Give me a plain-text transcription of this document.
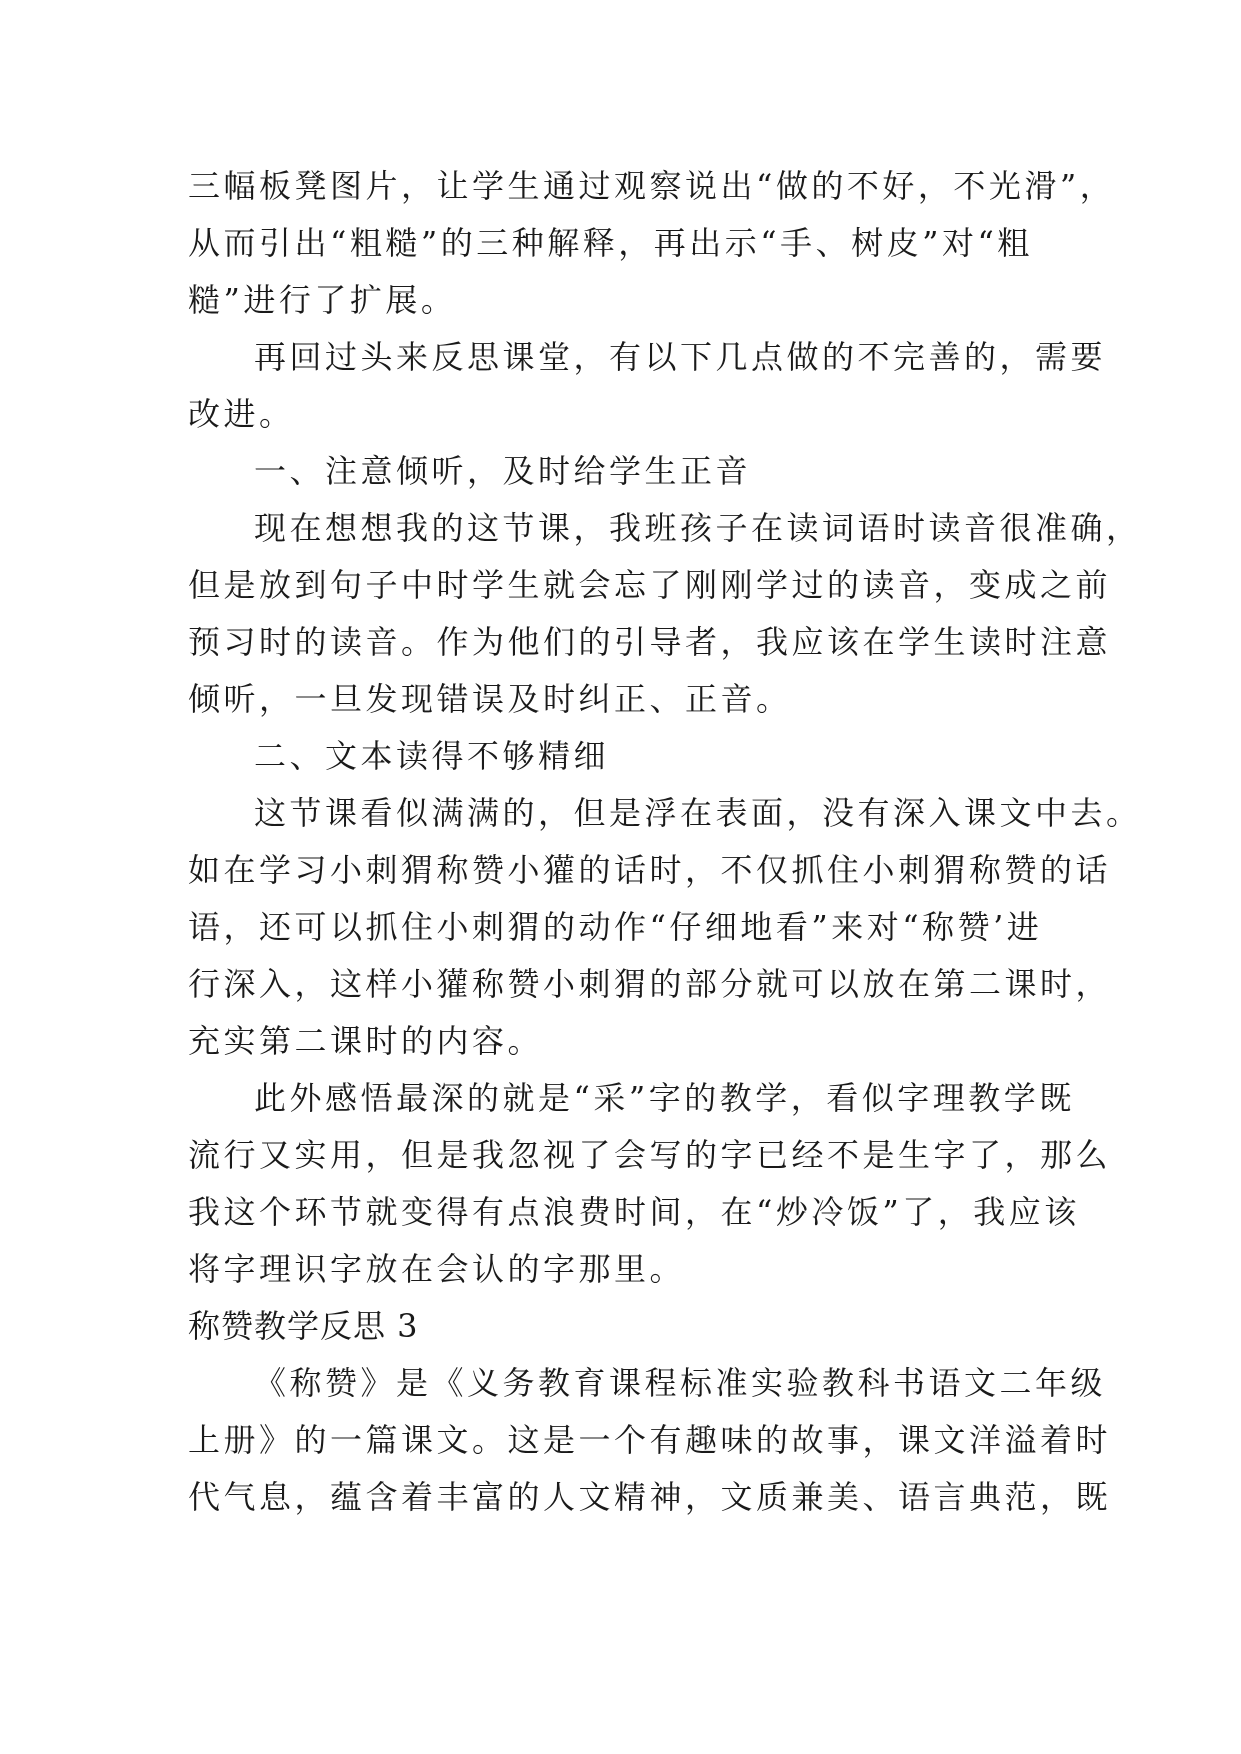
三幅板凳图片，让学生通过观察说出“做的不好，不光滑”，
从而引出“粗糙”的三种解释，再出示“手、树皮”对“粗
糙”进行了扩展。
再回过头来反思课堂，有以下几点做的不完善的，需要
改进。
一、注意倾听，及时给学生正音
现在想想我的这节课，我班孩子在读词语时读音很准确，
但是放到句子中时学生就会忘了刚刚学过的读音，变成之前
预习时的读音。作为他们的引导者，我应该在学生读时注意
倾听，一旦发现错误及时纠正、正音。
二、文本读得不够精细
这节课看似满满的，但是浮在表面，没有深入课文中去。
如在学习小刺猬称赞小獾的话时，不仅抓住小刺猬称赞的话
语，还可以抓住小刺猬的动作“仔细地看”来对“称赞’进
行深入，这样小獾称赞小刺猬的部分就可以放在第二课时，
充实第二课时的内容。
此外感悟最深的就是“采”字的教学，看似字理教学既
流行又实用，但是我忽视了会写的字已经不是生字了，那么
我这个环节就变得有点浪费时间，在“炒冷饭”了，我应该
将字理识字放在会认的字那里。
称赞教学反思 3
《称赞》是《义务教育课程标准实验教科书语文二年级
上册》的一篇课文。这是一个有趣味的故事，课文洋溢着时
代气息，蕴含着丰富的人文精神，文质兼美、语言典范，既
